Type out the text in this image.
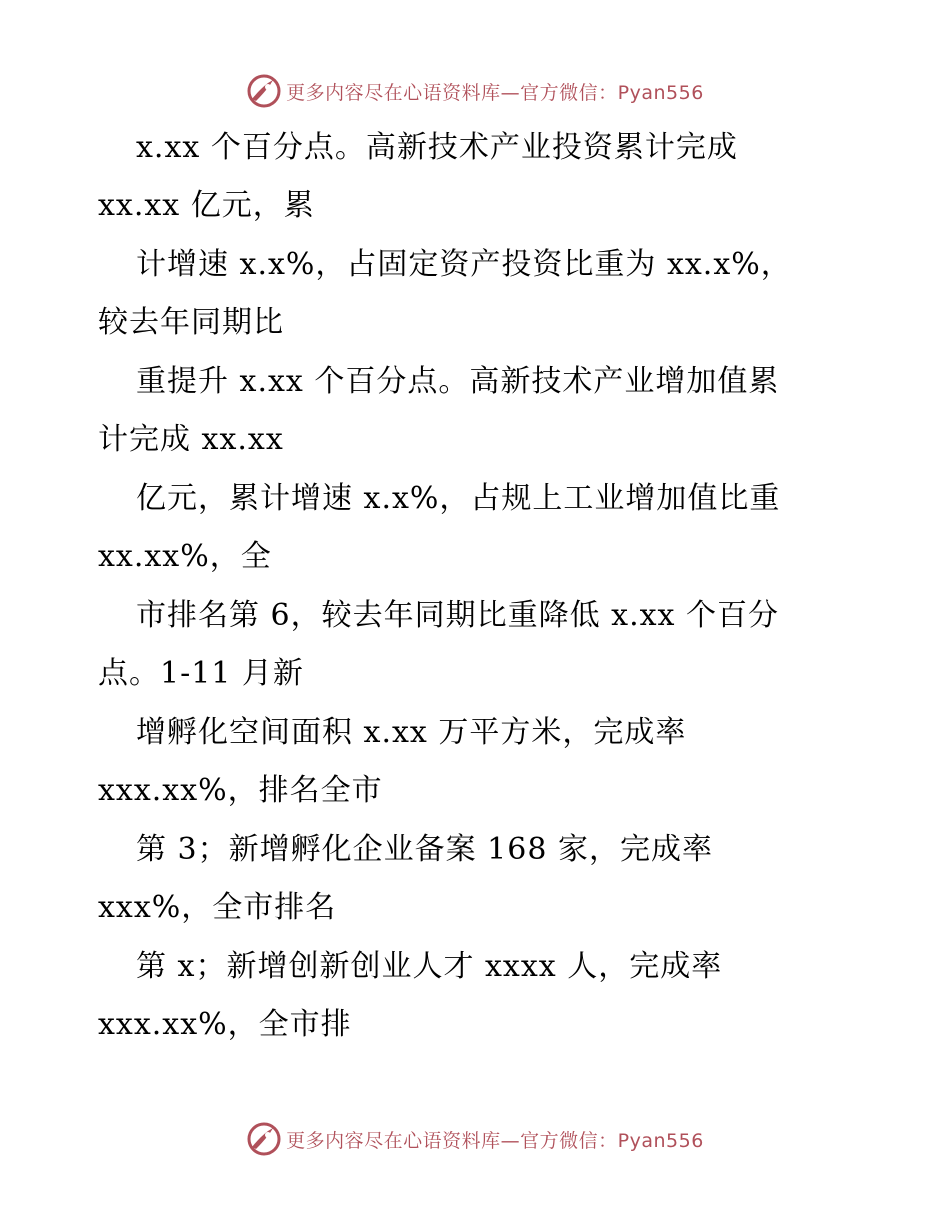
更多内容尽在心语资料库—官方微信：Pyan556
x.xx 个百分点。高新技术产业投资累计完成
xx.xx 亿元，累
计增速 x.x%，占固定资产投资比重为 xx.x%，
较去年同期比
重提升 x.xx 个百分点。高新技术产业增加值累
计完成 xx.xx
亿元，累计增速 x.x%，占规上工业增加值比重
xx.xx%，全
市排名第 6，较去年同期比重降低 x.xx 个百分
点。1-11 月新
增孵化空间面积 x.xx 万平方米，完成率
xxx.xx%，排名全市
第 3；新增孵化企业备案 168 家，完成率
xxx%，全市排名
第 x；新增创新创业人才 xxxx 人，完成率
xxx.xx%，全市排
更多内容尽在心语资料库—官方微信：Pyan556
